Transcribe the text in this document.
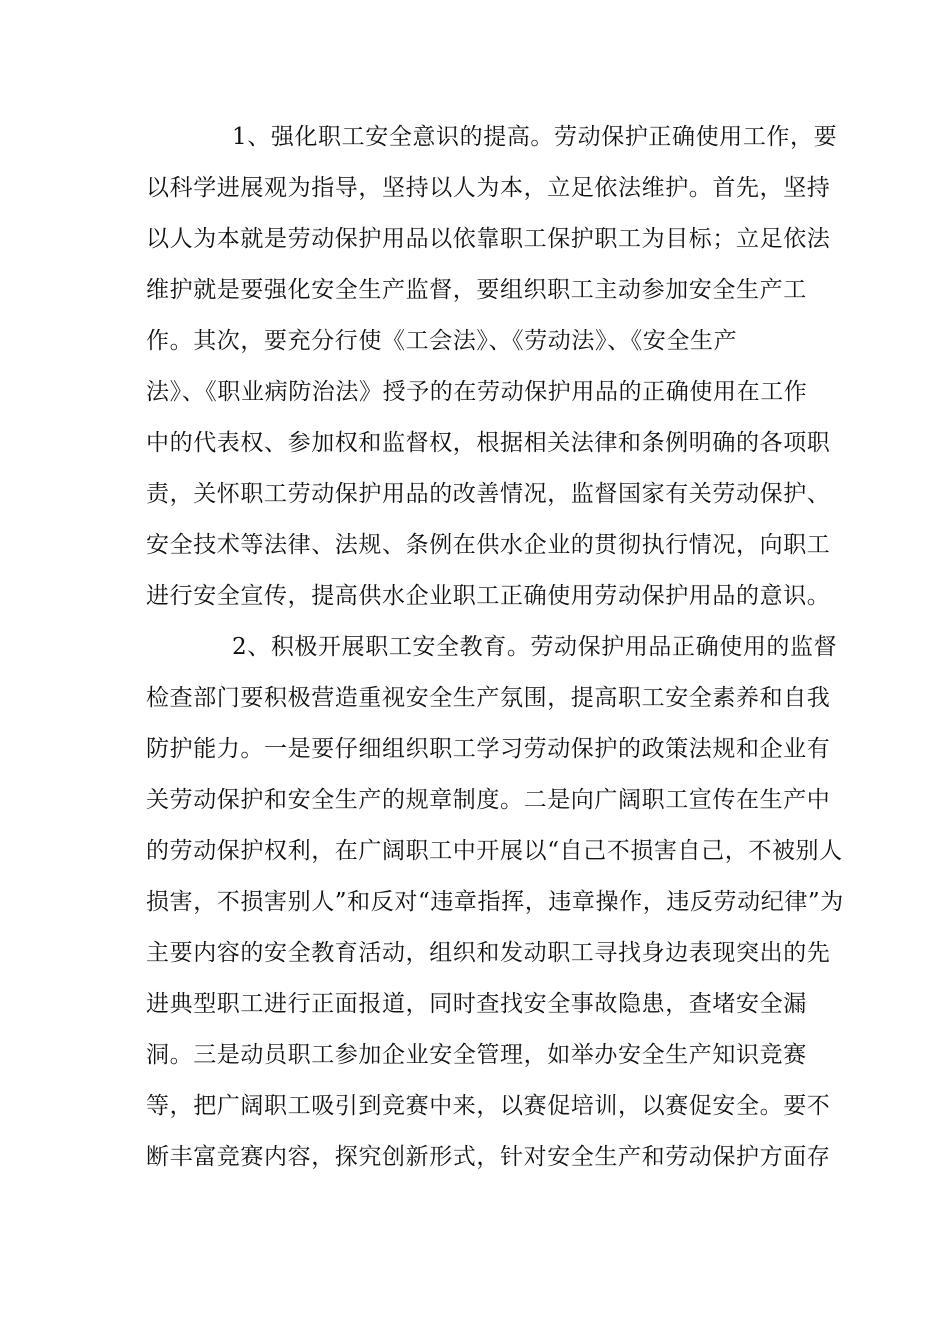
1、强化职工安全意识的提高。劳动保护正确使用工作，要
以科学进展观为指导，坚持以人为本，立足依法维护。首先，坚持
以人为本就是劳动保护用品以依靠职工保护职工为目标；立足依法
维护就是要强化安全生产监督，要组织职工主动参加安全生产工
作。其次，要充分行使《工会法》、《劳动法》、《安全生产
法》、《职业病防治法》授予的在劳动保护用品的正确使用在工作
中的代表权、参加权和监督权，根据相关法律和条例明确的各项职
责，关怀职工劳动保护用品的改善情况，监督国家有关劳动保护、
安全技术等法律、法规、条例在供水企业的贯彻执行情况，向职工
进行安全宣传，提高供水企业职工正确使用劳动保护用品的意识。
2、积极开展职工安全教育。劳动保护用品正确使用的监督
检查部门要积极营造重视安全生产氛围，提高职工安全素养和自我
防护能力。一是要仔细组织职工学习劳动保护的政策法规和企业有
关劳动保护和安全生产的规章制度。二是向广阔职工宣传在生产中
的劳动保护权利，在广阔职工中开展以“自己不损害自己，不被别人
损害，不损害别人”和反对“违章指挥，违章操作，违反劳动纪律”为
主要内容的安全教育活动，组织和发动职工寻找身边表现突出的先
进典型职工进行正面报道，同时查找安全事故隐患，查堵安全漏
洞。三是动员职工参加企业安全管理，如举办安全生产知识竞赛
等，把广阔职工吸引到竞赛中来，以赛促培训，以赛促安全。要不
断丰富竞赛内容，探究创新形式，针对安全生产和劳动保护方面存
